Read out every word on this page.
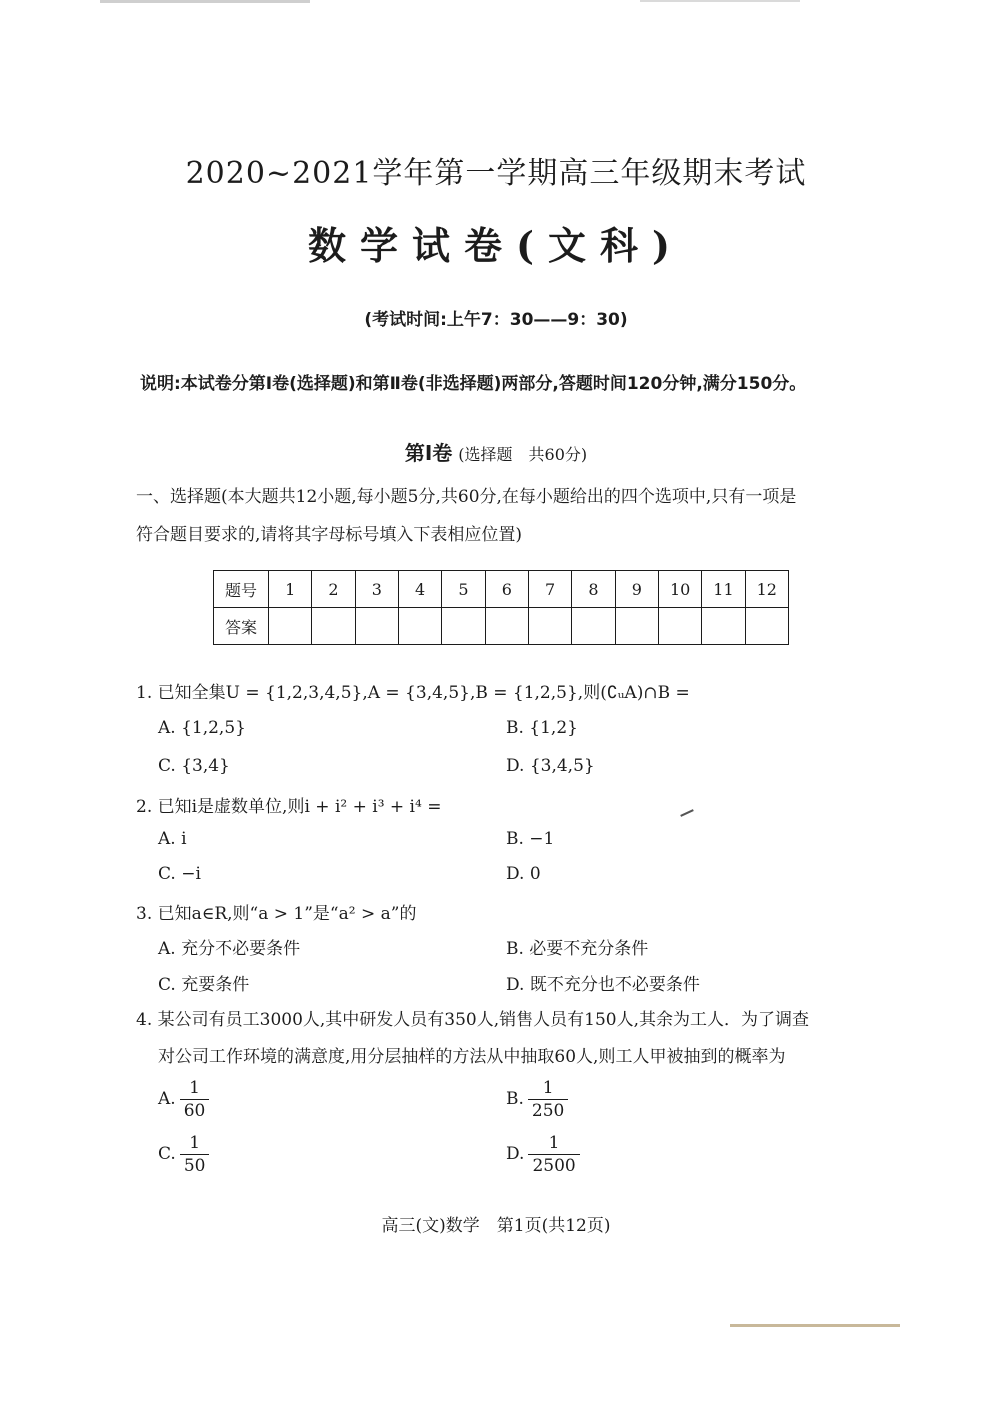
2020~2021学年第一学期高三年级期末考试
数学试卷(文科)
(考试时间:上午7：30——9：30)
说明:本试卷分第Ⅰ卷(选择题)和第Ⅱ卷(非选择题)两部分,答题时间120分钟,满分150分。
第Ⅰ卷 (选择题　共60分)
一、选择题(本大题共12小题,每小题5分,共60分,在每小题给出的四个选项中,只有一项是
符合题目要求的,请将其字母标号填入下表相应位置)
题号	1	2	3	4	5	6	7	8	9	10	11	12
答案												
1. 已知全集U = {1,2,3,4,5},A = {3,4,5},B = {1,2,5},则(∁ᵤA)∩B =
A. {1,2,5}	B. {1,2}
C. {3,4}	D. {3,4,5}
2. 已知i是虚数单位,则i + i² + i³ + i⁴ =
A. i	B. −1
C. −i	D. 0
3. 已知a∈R,则“a > 1”是“a² > a”的
A. 充分不必要条件	B. 必要不充分条件
C. 充要条件	D. 既不充分也不必要条件
4. 某公司有员工3000人,其中研发人员有350人,销售人员有150人,其余为工人．为了调查
对公司工作环境的满意度,用分层抽样的方法从中抽取60人,则工人甲被抽到的概率为
A. $\frac{1}{60}$	B. $\frac{1}{250}$
C. $\frac{1}{50}$	D. $\frac{1}{2500}$
高三(文)数学　第1页(共12页)
